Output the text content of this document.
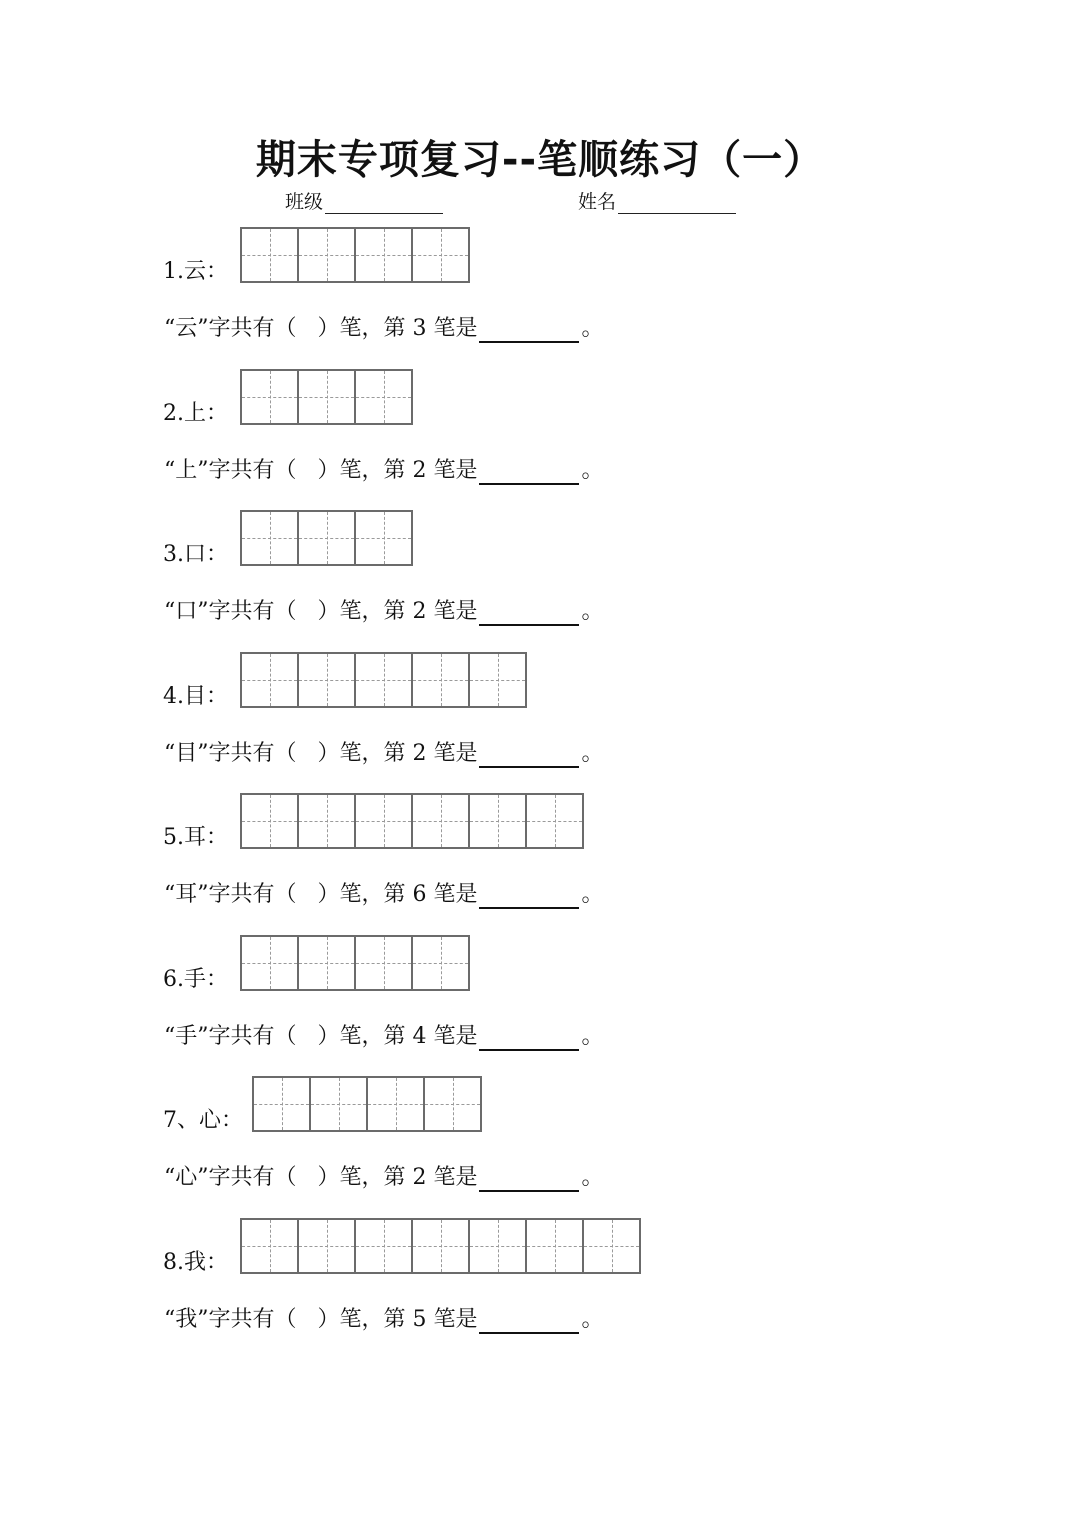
期末专项复习--笔顺练习（一）
班级	姓名
1.云：
“云”字共有（   ）笔，第 3 笔是	。
2.上：
“上”字共有（   ）笔，第 2 笔是	。
3.口：
“口”字共有（   ）笔，第 2 笔是	。
4.目：
“目”字共有（   ）笔，第 2 笔是	。
5.耳：
“耳”字共有（   ）笔，第 6 笔是	。
6.手：
“手”字共有（   ）笔，第 4 笔是	。
7、心：
“心”字共有（   ）笔，第 2 笔是	。
8.我：
“我”字共有（   ）笔，第 5 笔是	。
